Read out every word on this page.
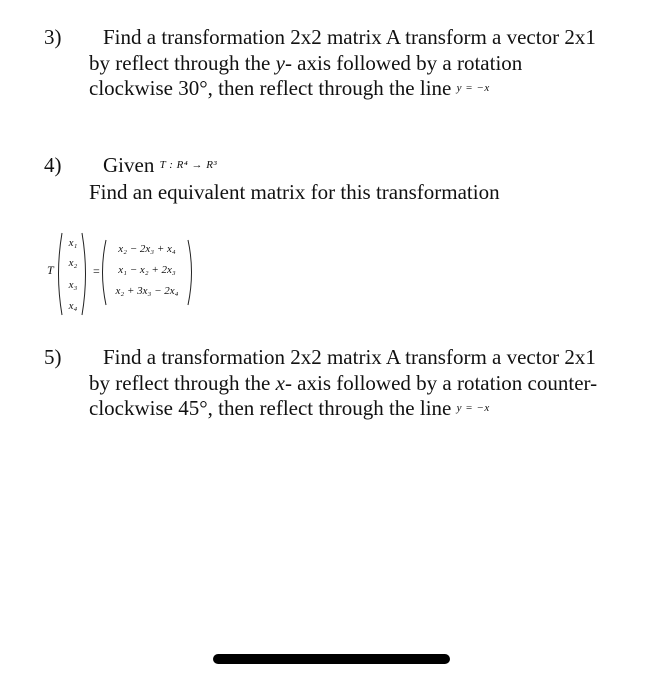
3) Find a transformation 2x2 matrix A transform a vector 2x1
by reflect through the y- axis followed by a rotation
clockwise 30°, then reflect through the line y = −x
4) Given T : R⁴ → R³
Find an equivalent matrix for this transformation
T
x₁
x₂
x₃
x₄
=
x₂ − 2x₃ + x₄
x₁ − x₂ + 2x₃
x₂ + 3x₃ − 2x₄
5) Find a transformation 2x2 matrix A transform a vector 2x1
by reflect through the x- axis followed by a rotation counter-
clockwise 45°, then reflect through the line y = −x
